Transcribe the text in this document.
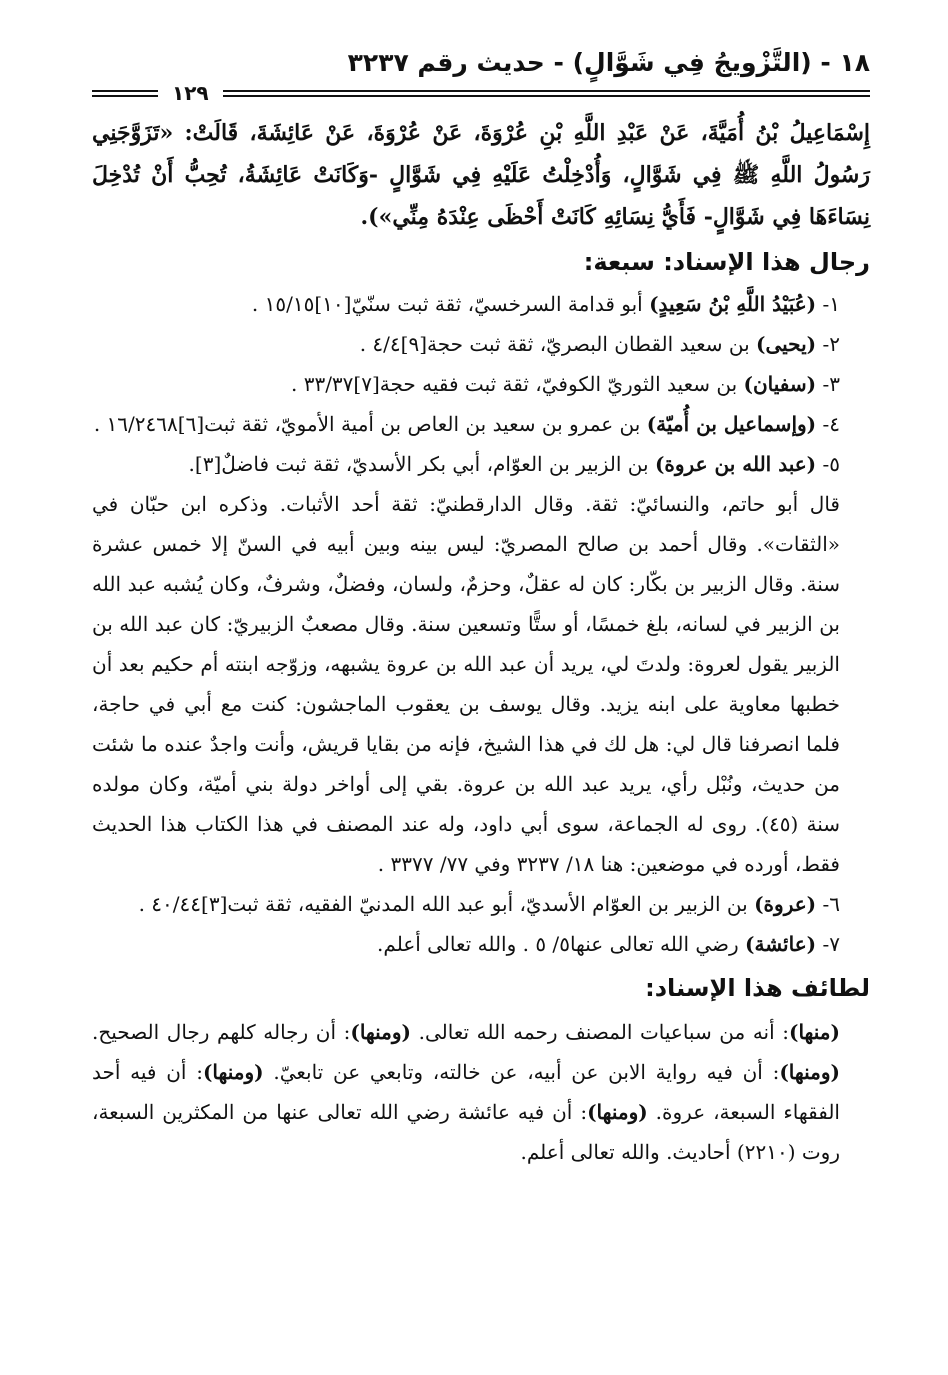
١٨ - (التَّزْويجُ فِي شَوَّالٍ) - حديث رقم ٣٢٣٧
١٢٩
إِسْمَاعِيلُ بْنُ أُمَيَّةَ، عَنْ عَبْدِ اللَّهِ بْنِ عُرْوَةَ، عَنْ عُرْوَةَ، عَنْ عَائِشَةَ، قَالَتْ: «تَزَوَّجَنِي رَسُولُ اللَّهِ ﷺ فِي شَوَّالٍ، وَأُدْخِلْتُ عَلَيْهِ فِي شَوَّالٍ -وَكَانَتْ عَائِشَةُ، تُحِبُّ أَنْ تُدْخِلَ نِسَاءَهَا فِي شَوَّالٍ- فَأَيُّ نِسَائِهِ كَانَتْ أَحْظَى عِنْدَهُ مِنِّي»).
رجال هذا الإسناد: سبعة:
١- (عُبَيْدُ اللَّهِ بْنُ سَعِيدٍ) أبو قدامة السرخسيّ، ثقة ثبت سنّيّ[١٠]١٥/١٥ .
٢- (يحيى) بن سعيد القطان البصريّ، ثقة ثبت حجة[٩]٤/٤ .
٣- (سفيان) بن سعيد الثوريّ الكوفيّ، ثقة ثبت فقيه حجة[٧]٣٣/٣٧ .
٤- (وإسماعيل بن أُميّة) بن عمرو بن سعيد بن العاص بن أمية الأمويّ، ثقة ثبت[٦]١٦/٢٤٦٨ .
٥- (عبد الله بن عروة) بن الزبير بن العوّام، أبي بكر الأسديّ، ثقة ثبت فاضلٌ[٣].
قال أبو حاتم، والنسائيّ: ثقة. وقال الدارقطنيّ: ثقة أحد الأثبات. وذكره ابن حبّان في «الثقات». وقال أحمد بن صالح المصريّ: ليس بينه وبين أبيه في السنّ إلا خمس عشرة سنة. وقال الزبير بن بكّار: كان له عقلٌ، وحزمٌ، ولسان، وفضلٌ، وشرفٌ، وكان يُشبه عبد الله بن الزبير في لسانه، بلغ خمسًا، أو ستًّا وتسعين سنة. وقال مصعبٌ الزبيريّ: كان عبد الله بن الزبير يقول لعروة: ولدتَ لي، يريد أن عبد الله بن عروة يشبهه، وزوّجه ابنته أم حكيم بعد أن خطبها معاوية على ابنه يزيد. وقال يوسف بن يعقوب الماجشون: كنت مع أبي في حاجة، فلما انصرفنا قال لي: هل لك في هذا الشيخ، فإنه من بقايا قريش، وأنت واجدٌ عنده ما شئت من حديث، ونُبْل رأي، يريد عبد الله بن عروة. بقي إلى أواخر دولة بني أميّة، وكان مولده سنة (٤٥). روى له الجماعة، سوى أبي داود، وله عند المصنف في هذا الكتاب هذا الحديث فقط، أورده في موضعين: هنا ١٨/ ٣٢٣٧ وفي ٧٧/ ٣٣٧٧ .
٦- (عروة) بن الزبير بن العوّام الأسديّ، أبو عبد الله المدنيّ الفقيه، ثقة ثبت[٣]٤٠/٤٤ .
٧- (عائشة) رضي الله تعالى عنها٥/ ٥ . والله تعالى أعلم.
لطائف هذا الإسناد:
(منها): أنه من سباعيات المصنف رحمه الله تعالى. (ومنها): أن رجاله كلهم رجال الصحيح. (ومنها): أن فيه رواية الابن عن أبيه، عن خالته، وتابعي عن تابعيّ. (ومنها): أن فيه أحد الفقهاء السبعة، عروة. (ومنها): أن فيه عائشة رضي الله تعالى عنها من المكثرين السبعة، روت (٢٢١٠) أحاديث. والله تعالى أعلم.
